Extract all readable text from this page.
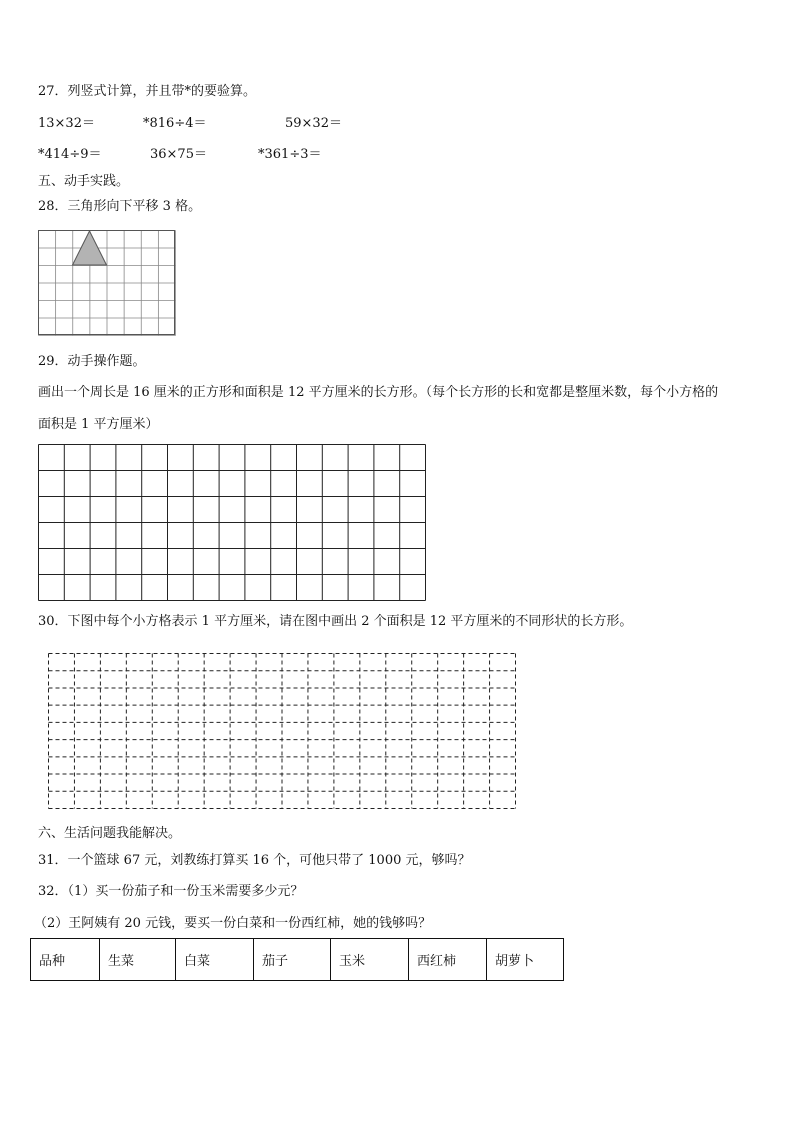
27．列竖式计算，并且带*的要验算。
13×32＝	*816÷4＝	59×32＝
*414÷9＝	36×75＝	*361÷3＝
五、动手实践。
28．三角形向下平移 3 格。
29．动手操作题。
画出一个周长是 16 厘米的正方形和面积是 12 平方厘米的长方形。（每个长方形的长和宽都是整厘米数，每个小方格的
面积是 1 平方厘米）
30．下图中每个小方格表示 1 平方厘米，请在图中画出 2 个面积是 12 平方厘米的不同形状的长方形。
六、生活问题我能解决。
31．一个篮球 67 元，刘教练打算买 16 个，可他只带了 1000 元，够吗？
32．（1）买一份茄子和一份玉米需要多少元？
（2）王阿姨有 20 元钱，要买一份白菜和一份西红柿，她的钱够吗？
品种	生菜	白菜	茄子	玉米	西红柿	胡萝卜
